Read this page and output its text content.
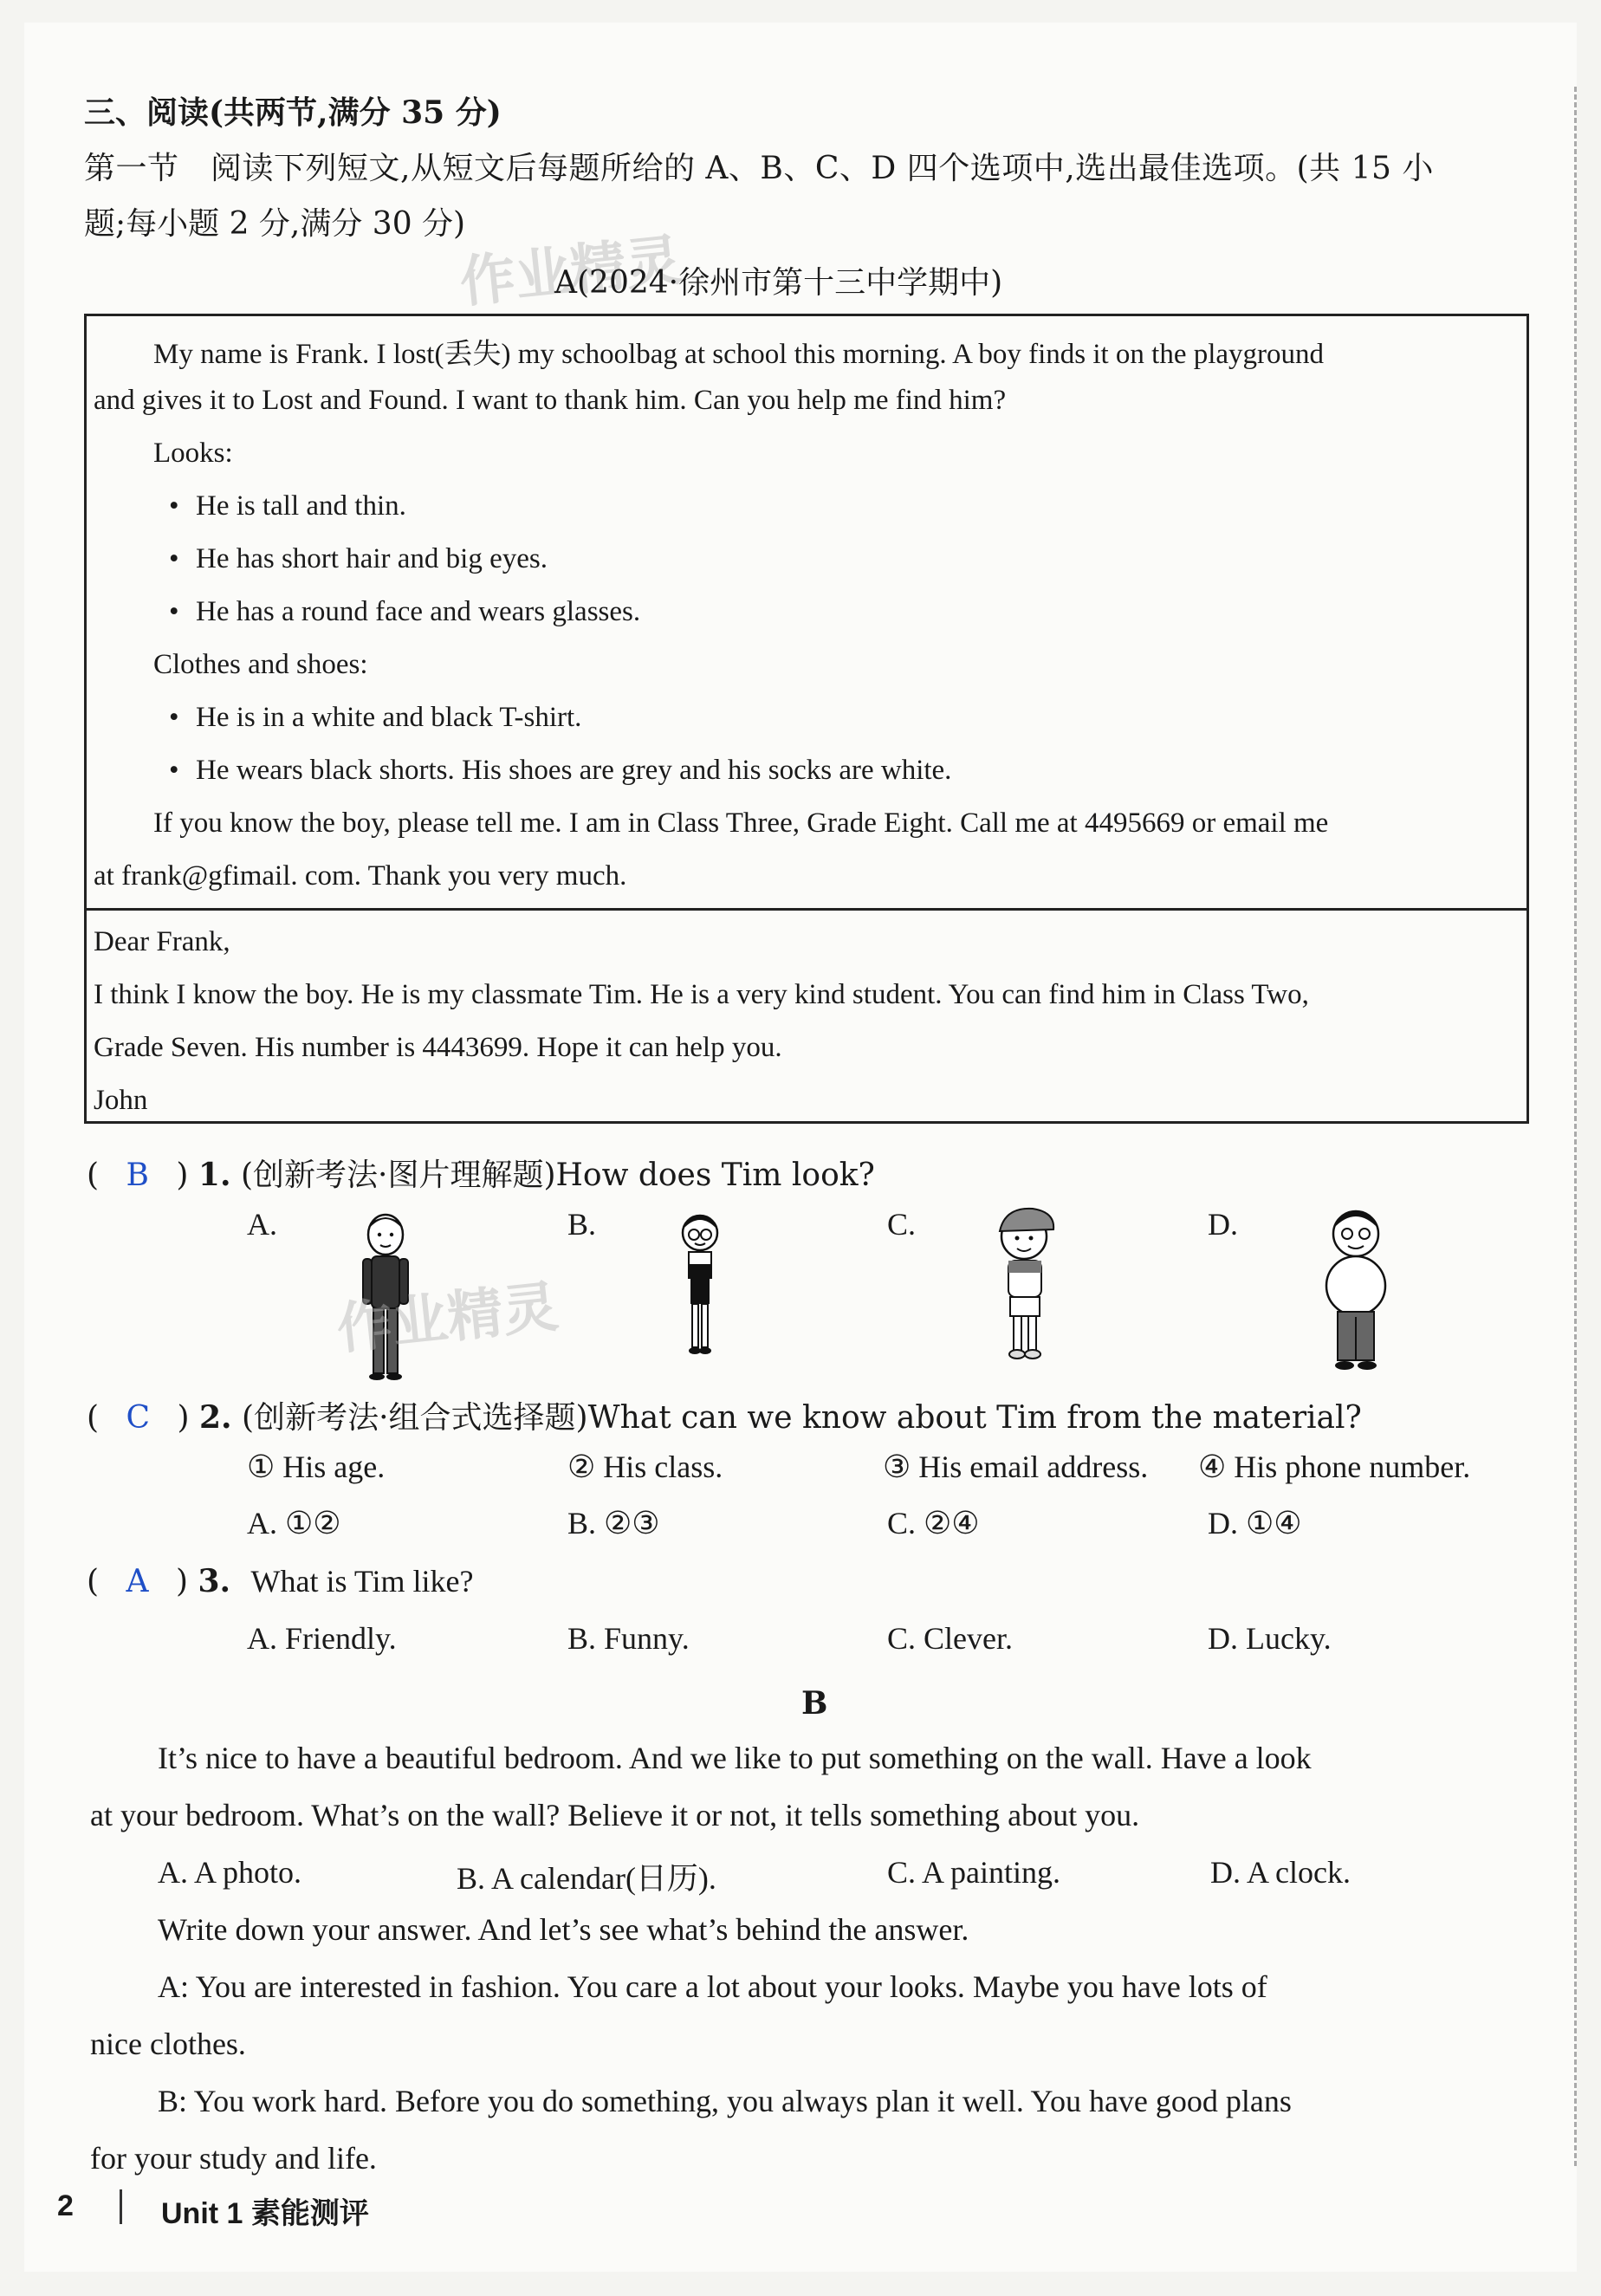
三、阅读(共两节,满分 35 分)
第一节　阅读下列短文,从短文后每题所给的 A、B、C、D 四个选项中,选出最佳选项。(共 15 小
题;每小题 2 分,满分 30 分)
作业精灵
A(2024·徐州市第十三中学期中)
My name is Frank. I lost(丢失) my schoolbag at school this morning. A boy finds it on the playground
and gives it to Lost and Found. I want to thank him. Can you help me find him?
Looks:
• He is tall and thin.
• He has short hair and big eyes.
• He has a round face and wears glasses.
Clothes and shoes:
• He is in a white and black T-shirt.
• He wears black shorts. His shoes are grey and his socks are white.
If you know the boy, please tell me. I am in Class Three, Grade Eight. Call me at 4495669 or email me
at frank@gfimail. com. Thank you very much.
Dear Frank,
I think I know the boy. He is my classmate Tim. He is a very kind student. You can find him in Class Two,
Grade Seven. His number is 4443699. Hope it can help you.
John
( B ) 1. (创新考法·图片理解题)How does Tim look?
A.	B.	C.	D.
作业精灵
( C ) 2. (创新考法·组合式选择题)What can we know about Tim from the material?
① His age.	② His class.	③ His email address. ④ His phone number.
A. ①②	B. ②③	C. ②④	D. ①④
( A ) 3. What is Tim like?
A. Friendly.	B. Funny.	C. Clever.	D. Lucky.
B
It’s nice to have a beautiful bedroom. And we like to put something on the wall. Have a look
at your bedroom. What’s on the wall? Believe it or not, it tells something about you.
A. A photo.	B. A calendar(日历).	C. A painting.	D. A clock.
Write down your answer. And let’s see what’s behind the answer.
A: You are interested in fashion. You care a lot about your looks. Maybe you have lots of
nice clothes.
B: You work hard. Before you do something, you always plan it well. You have good plans
for your study and life.
2	Unit 1 素能测评
